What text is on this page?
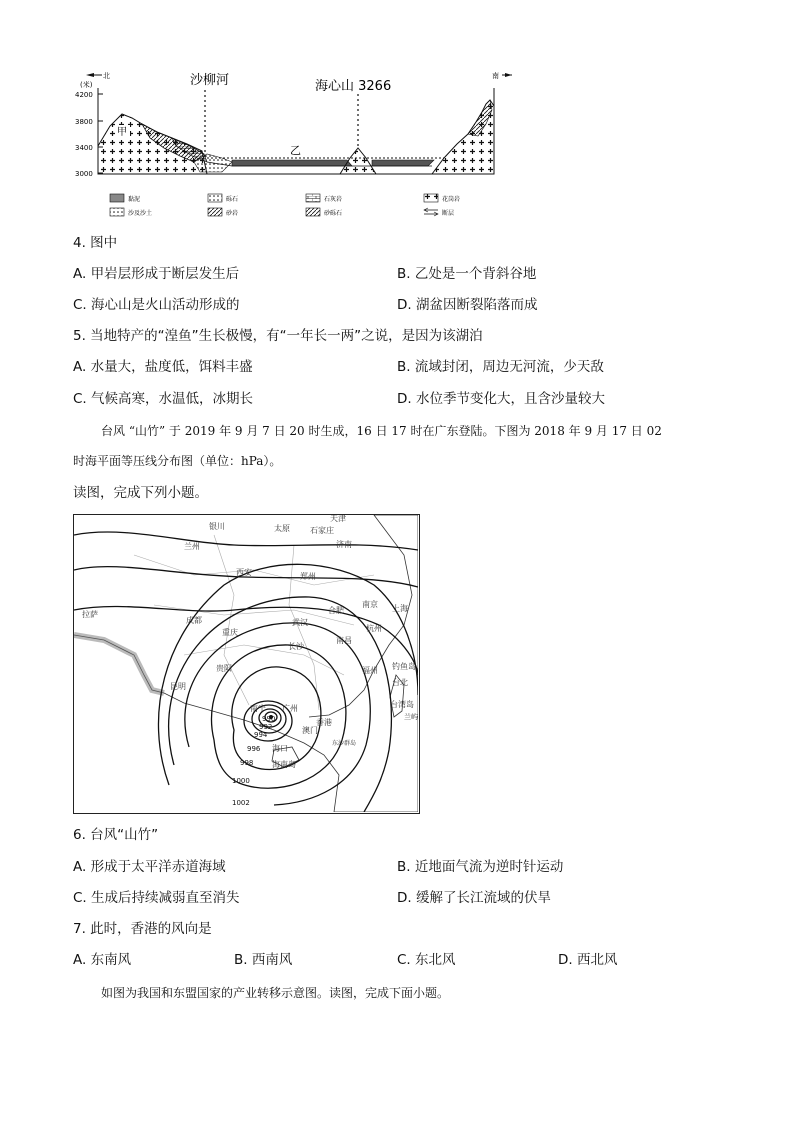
4200
3800
3400
3000
(米)
北	南
沙柳河	海心山 3266
乙
甲
黏泥	砾石	石灰岩	花岗岩
沙及沙土	砂岩	砂砾石	断层
4. 图中
A. 甲岩层形成于断层发生后	B. 乙处是一个背斜谷地
C. 海心山是火山活动形成的	D. 湖盆因断裂陷落而成
5. 当地特产的“湟鱼”生长极慢，有“一年长一两”之说，是因为该湖泊
A. 水量大，盐度低，饵料丰盛	B. 流域封闭，周边无河流，少天敌
C. 气候高寒，水温低，冰期长	D. 水位季节变化大，且含沙量较大
台风 “山竹” 于 2019 年 9 月 7 日 20 时生成，16 日 17 时在广东登陆。下图为 2018 年 9 月 17 日 02
时海平面等压线分布图（单位：hPa）。
读图，完成下列小题。
990
992
994
996
998
1000
1002
银川	太原
天津
石家庄
济南
兰州
西安	郑州
拉萨
成都
合肥	上海
武汉
南京
杭州
重庆
长沙
南昌
贵阳	福州 钓鱼岛
昆明	台北
台湾岛
南宁 广州
香港
澳门
海口
海南岛
兰屿
东沙群岛
6. 台风“山竹”
A. 形成于太平洋赤道海域	B. 近地面气流为逆时针运动
C. 生成后持续减弱直至消失	D. 缓解了长江流域的伏旱
7. 此时，香港的风向是
A. 东南风	B. 西南风	C. 东北风	D. 西北风
如图为我国和东盟国家的产业转移示意图。读图，完成下面小题。
